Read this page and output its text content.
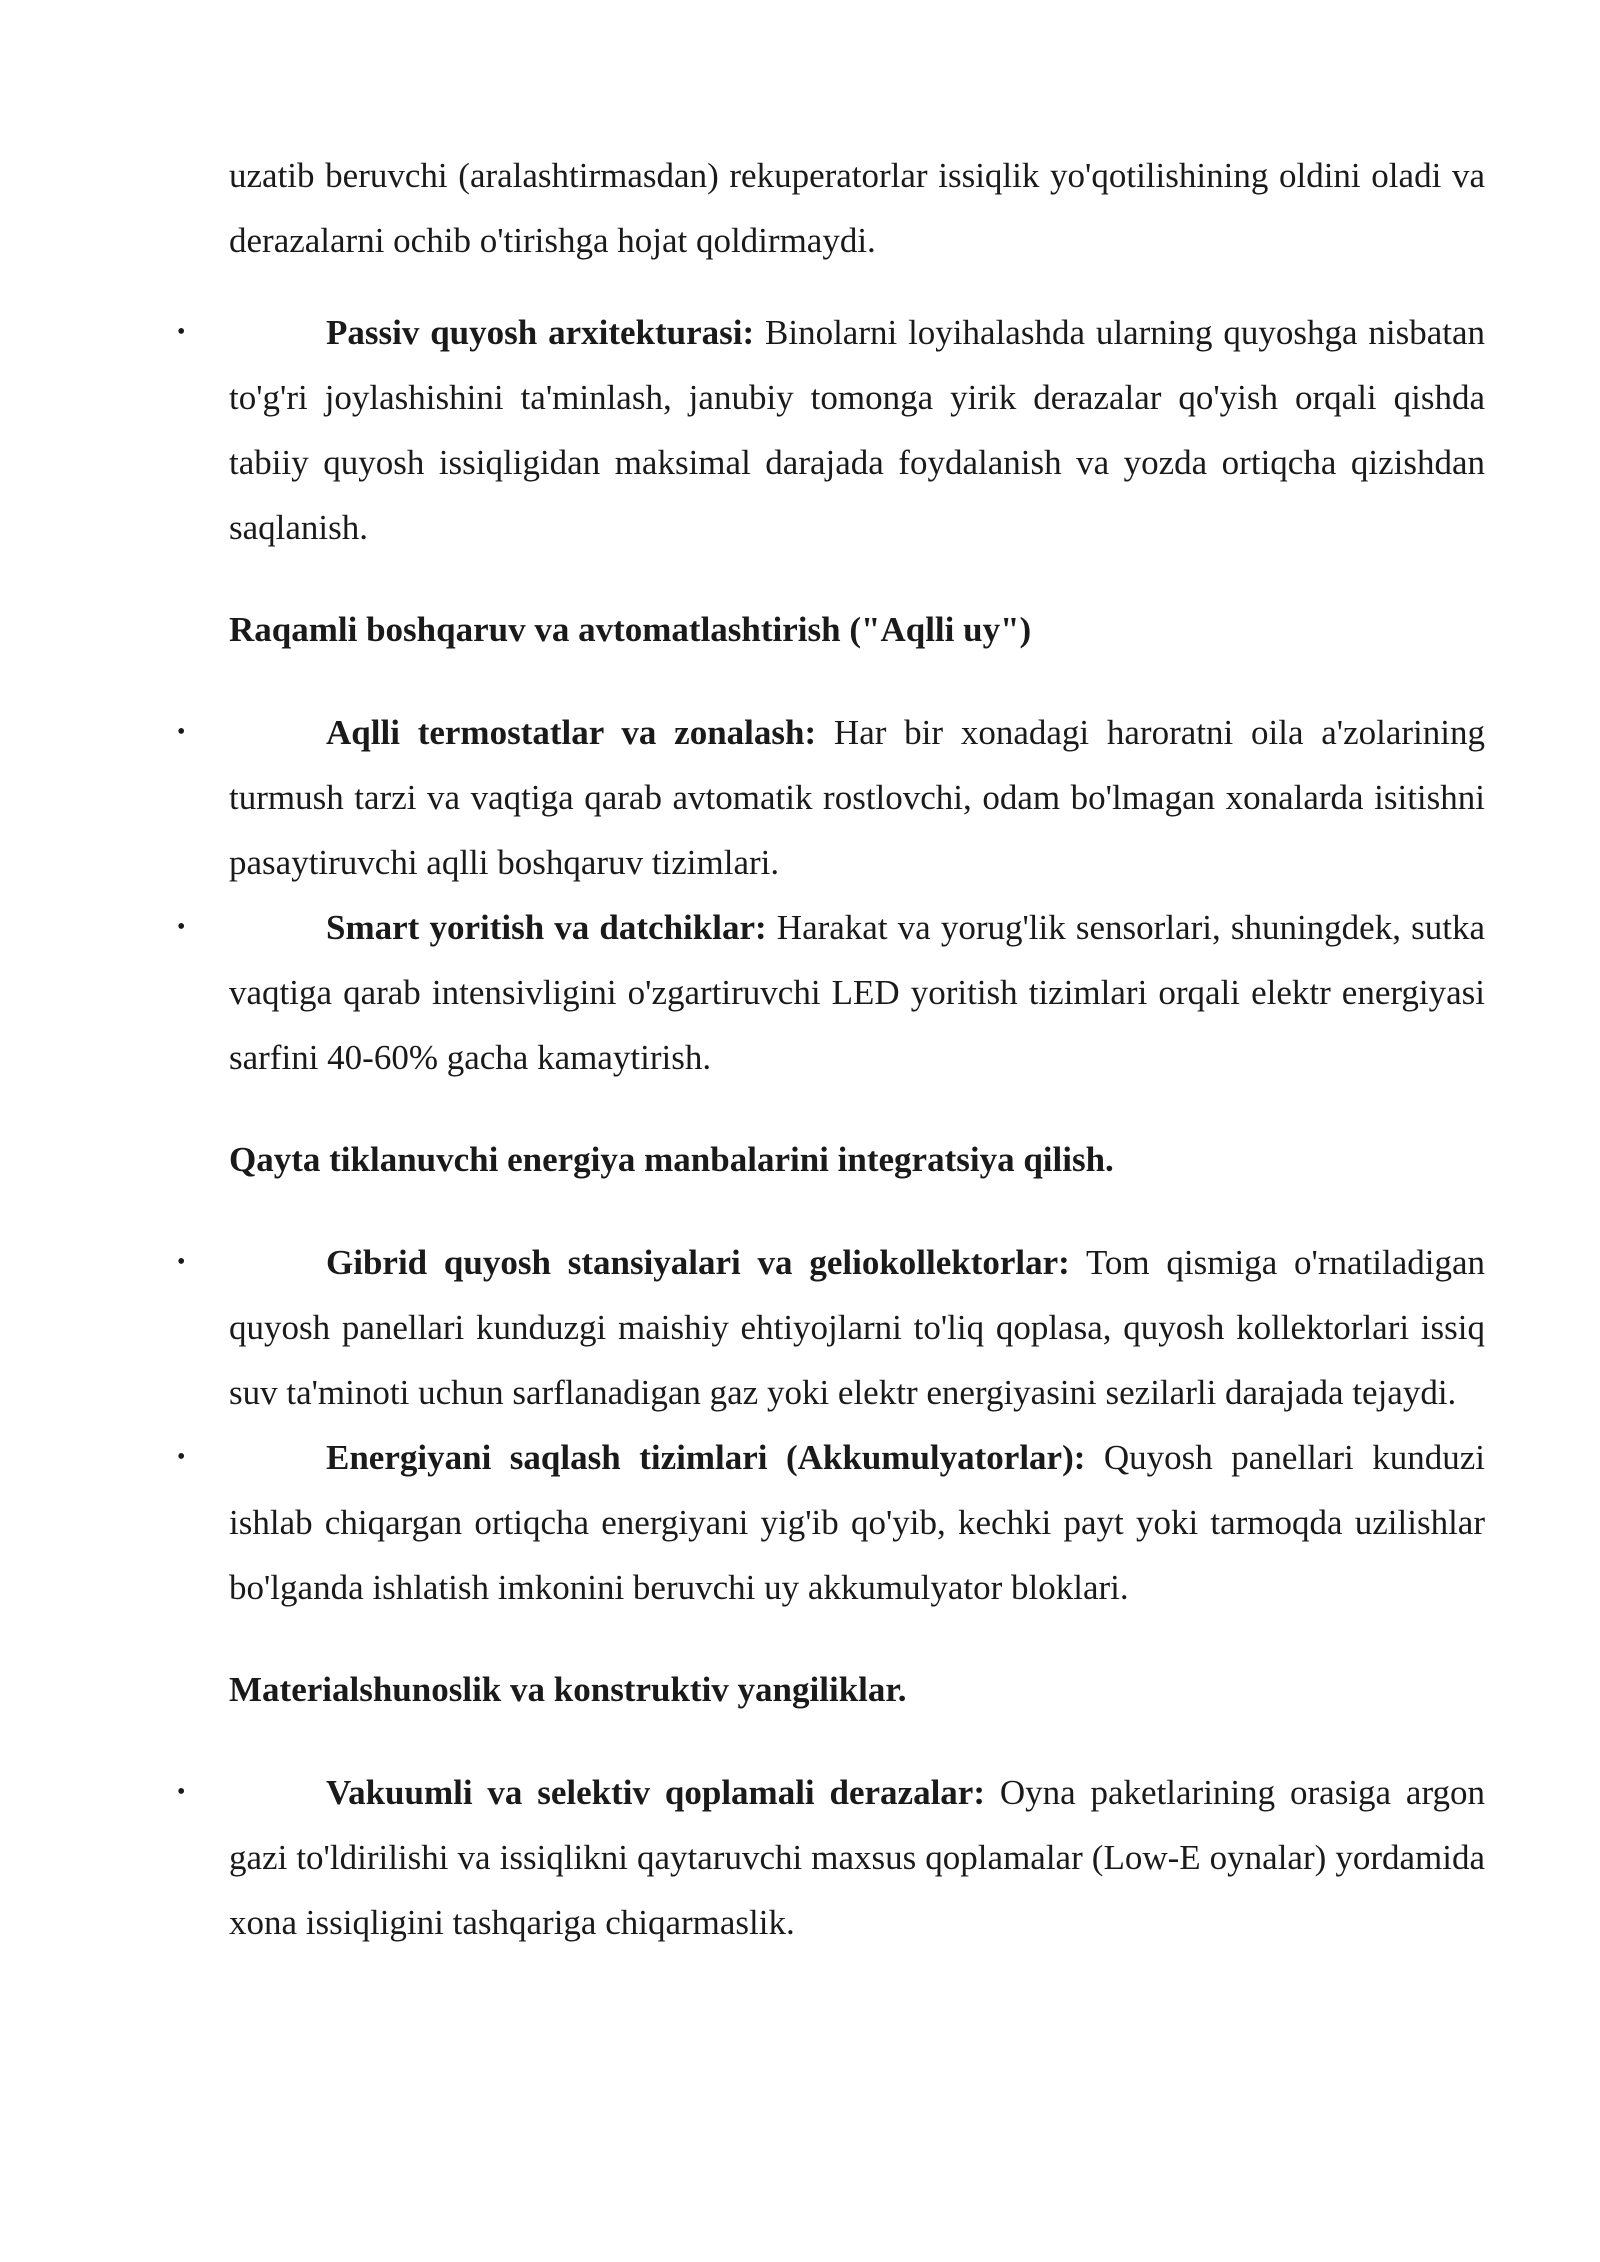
uzatib beruvchi (aralashtirmasdan) rekuperatorlar issiqlik yo'qotilishining oldini oladi va derazalarni ochib o'tirishga hojat qoldirmaydi.

•	Passiv quyosh arxitekturasi: Binolarni loyihalashda ularning quyoshga nisbatan to'g'ri joylashishini ta'minlash, janubiy tomonga yirik derazalar qo'yish orqali qishda tabiiy quyosh issiqligidan maksimal darajada foydalanish va yozda ortiqcha qizishdan saqlanish.

Raqamli boshqaruv va avtomatlashtirish ("Aqlli uy")

•	Aqlli termostatlar va zonalash: Har bir xonadagi haroratni oila a'zolarining turmush tarzi va vaqtiga qarab avtomatik rostlovchi, odam bo'lmagan xonalarda isitishni pasaytiruvchi aqlli boshqaruv tizimlari.

•	Smart yoritish va datchiklar: Harakat va yorug'lik sensorlari, shuningdek, sutka vaqtiga qarab intensivligini o'zgartiruvchi LED yoritish tizimlari orqali elektr energiyasi sarfini 40-60% gacha kamaytirish.

Qayta tiklanuvchi energiya manbalarini integratsiya qilish.

•	Gibrid quyosh stansiyalari va geliokollektorlar: Tom qismiga o'rnatiladigan quyosh panellari kunduzgi maishiy ehtiyojlarni to'liq qoplasa, quyosh kollektorlari issiq suv ta'minoti uchun sarflanadigan gaz yoki elektr energiyasini sezilarli darajada tejaydi.

•	Energiyani saqlash tizimlari (Akkumulyatorlar): Quyosh panellari kunduzi ishlab chiqargan ortiqcha energiyani yig'ib qo'yib, kechki payt yoki tarmoqda uzilishlar bo'lganda ishlatish imkonini beruvchi uy akkumulyator bloklari.

Materialshunoslik va konstruktiv yangiliklar.

•	Vakuumli va selektiv qoplamali derazalar: Oyna paketlarining orasiga argon gazi to'ldirilishi va issiqlikni qaytaruvchi maxsus qoplamalar (Low-E oynalar) yordamida xona issiqligini tashqariga chiqarmaslik.
